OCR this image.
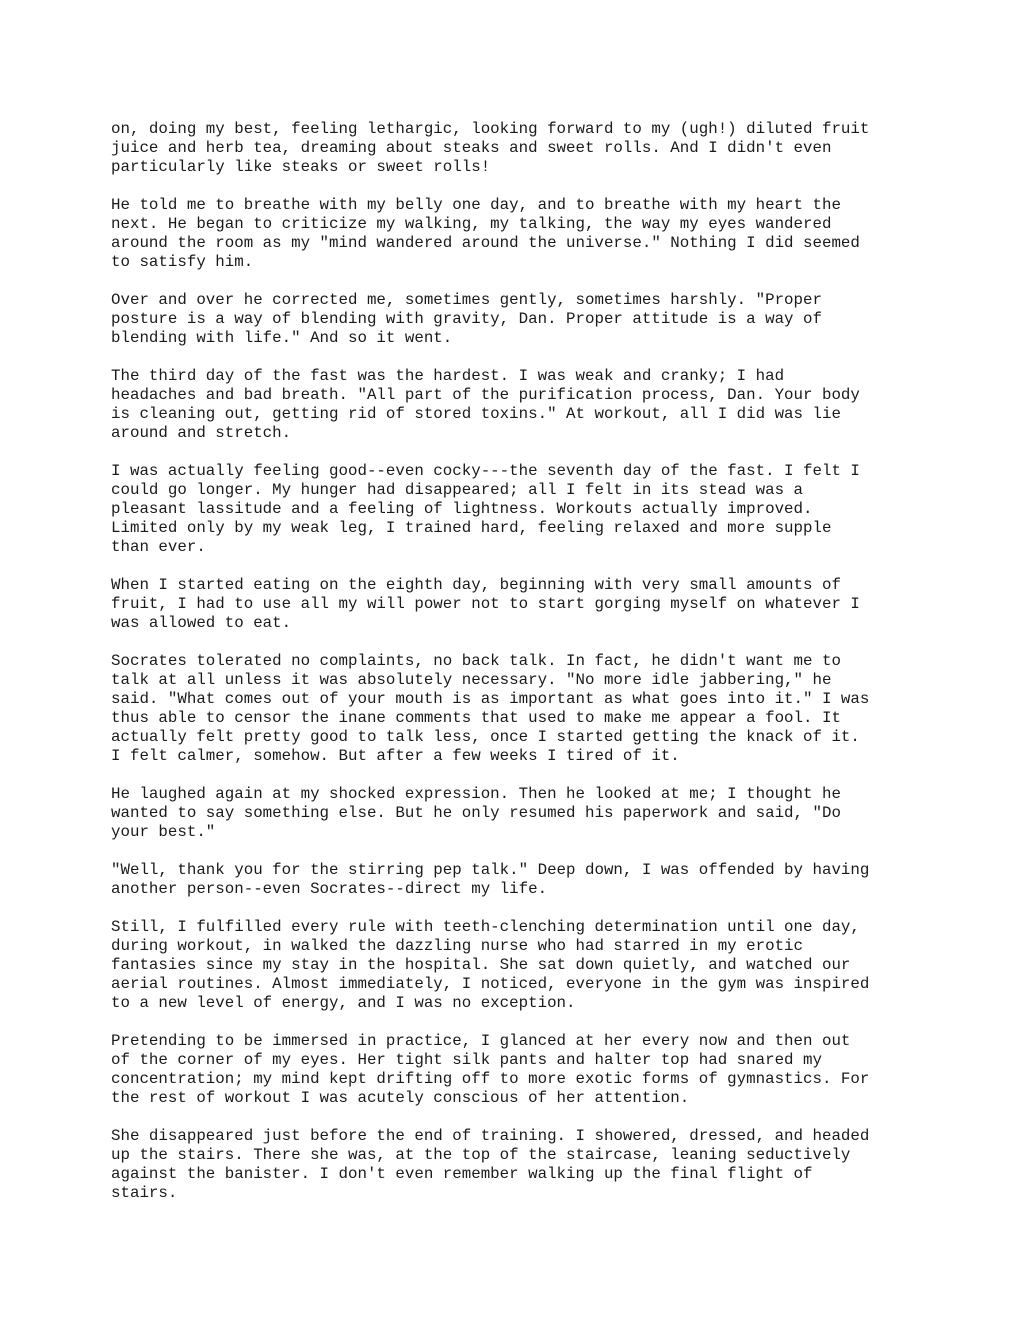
on, doing my best, feeling lethargic, looking forward to my (ugh!) diluted fruit
juice and herb tea, dreaming about steaks and sweet rolls. And I didn't even
particularly like steaks or sweet rolls!
He told me to breathe with my belly one day, and to breathe with my heart the
next. He began to criticize my walking, my talking, the way my eyes wandered
around the room as my "mind wandered around the universe." Nothing I did seemed
to satisfy him.
Over and over he corrected me, sometimes gently, sometimes harshly. "Proper
posture is a way of blending with gravity, Dan. Proper attitude is a way of
blending with life." And so it went.
The third day of the fast was the hardest. I was weak and cranky; I had
headaches and bad breath. "All part of the purification process, Dan. Your body
is cleaning out, getting rid of stored toxins." At workout, all I did was lie
around and stretch.
I was actually feeling good--even cocky---the seventh day of the fast. I felt I
could go longer. My hunger had disappeared; all I felt in its stead was a
pleasant lassitude and a feeling of lightness. Workouts actually improved.
Limited only by my weak leg, I trained hard, feeling relaxed and more supple
than ever.
When I started eating on the eighth day, beginning with very small amounts of
fruit, I had to use all my will power not to start gorging myself on whatever I
was allowed to eat.
Socrates tolerated no complaints, no back talk. In fact, he didn't want me to
talk at all unless it was absolutely necessary. "No more idle jabbering," he
said. "What comes out of your mouth is as important as what goes into it." I was
thus able to censor the inane comments that used to make me appear a fool. It
actually felt pretty good to talk less, once I started getting the knack of it.
I felt calmer, somehow. But after a few weeks I tired of it.
He laughed again at my shocked expression. Then he looked at me; I thought he
wanted to say something else. But he only resumed his paperwork and said, "Do
your best."
"Well, thank you for the stirring pep talk." Deep down, I was offended by having
another person--even Socrates--direct my life.
Still, I fulfilled every rule with teeth-clenching determination until one day,
during workout, in walked the dazzling nurse who had starred in my erotic
fantasies since my stay in the hospital. She sat down quietly, and watched our
aerial routines. Almost immediately, I noticed, everyone in the gym was inspired
to a new level of energy, and I was no exception.
Pretending to be immersed in practice, I glanced at her every now and then out
of the corner of my eyes. Her tight silk pants and halter top had snared my
concentration; my mind kept drifting off to more exotic forms of gymnastics. For
the rest of workout I was acutely conscious of her attention.
She disappeared just before the end of training. I showered, dressed, and headed
up the stairs. There she was, at the top of the staircase, leaning seductively
against the banister. I don't even remember walking up the final flight of
stairs.
